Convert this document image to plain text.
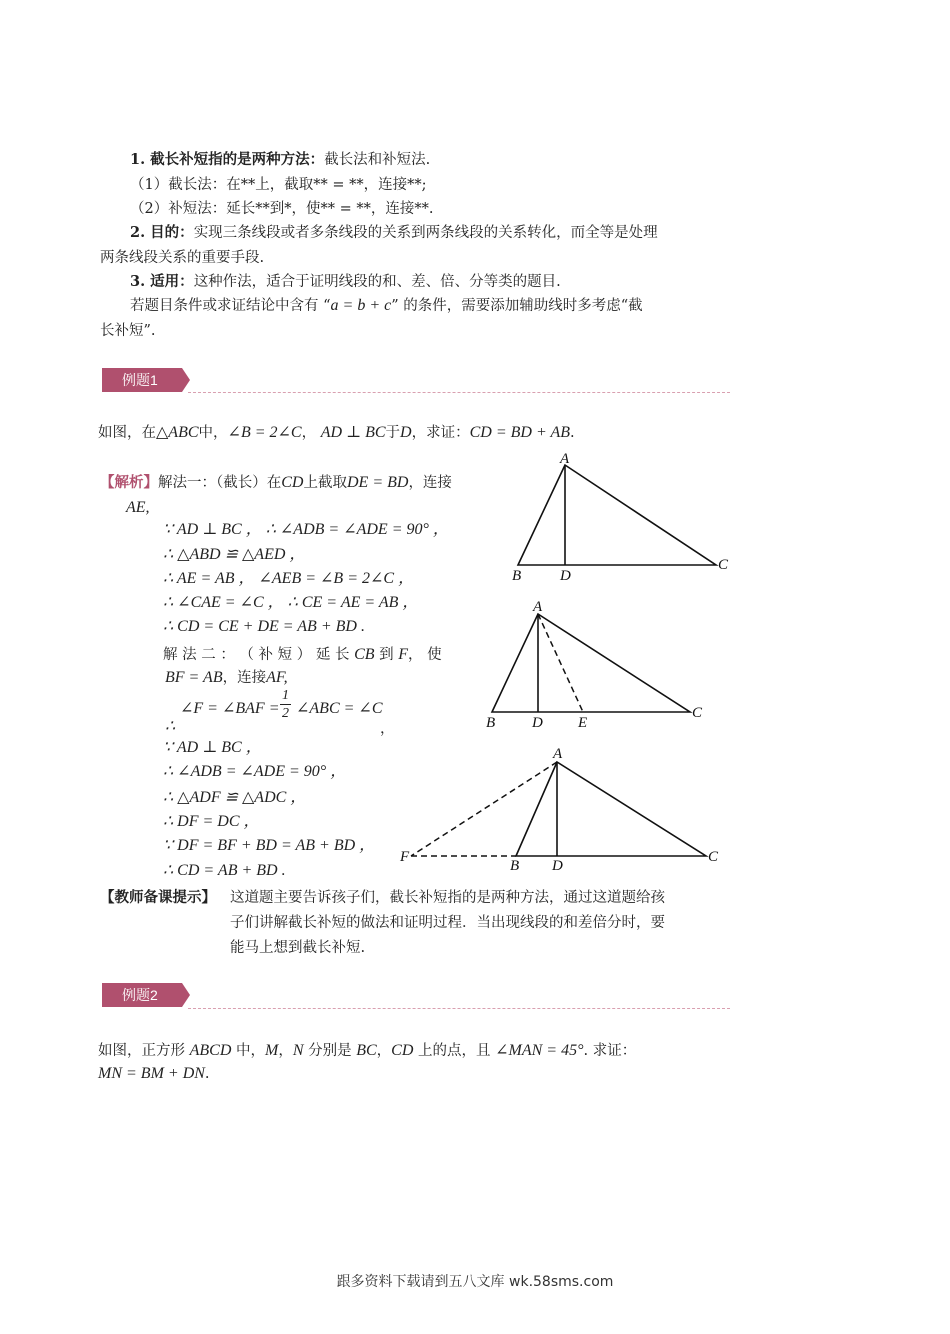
1. 截长补短指的是两种方法：截长法和补短法.
（1）截长法：在**上，截取** = **，连接**;
（2）补短法：延长**到*，使** = **，连接**.
2. 目的：实现三条线段或者多条线段的关系到两条线段的关系转化，而全等是处理
两条线段关系的重要手段.
3. 适用：这种作法，适合于证明线段的和、差、倍、分等类的题目.
若题目条件或求证结论中含有 “a = b + c” 的条件，需要添加辅助线时多考虑“截
长补短”.
例题1
如图，在△ABC中，∠B = 2∠C， AD ⊥ BC于D，求证：CD = BD + AB.
【解析】解法一：（截长）在CD上截取DE = BD，连接
AE,
∵ AD ⊥ BC ， ∴ ∠ADB = ∠ADE = 90° ，
∴ △ABD ≌ △AED ，
∴ AE = AB ， ∠AEB = ∠B = 2∠C ，
∴ ∠CAE = ∠C ， ∴ CE = AE = AB ，
∴ CD = CE + DE = AB + BD .
解 法 二 ： （ 补 短 ） 延 长 CB 到 F， 使
BF = AB，连接AF,
∠F = ∠BAF =
1
2 ∠ABC = ∠C
∴	，
∵ AD ⊥ BC ，
∴ ∠ADB = ∠ADE = 90° ，
∴ △ADF ≌ △ADC ，
∴ DF = DC ，
∵ DF = BF + BD = AB + BD ，
∴ CD = AB + BD .
A
B	D
C
A
B D E
C
A
B D
C
F
【教师备课提示】 这道题主要告诉孩子们，截长补短指的是两种方法，通过这道题给孩
子们讲解截长补短的做法和证明过程．当出现线段的和差倍分时，要
能马上想到截长补短.
例题2
如图，正方形 ABCD 中，M，N 分别是 BC，CD 上的点，且 ∠MAN = 45°. 求证：
MN = BM + DN.
跟多资料下载请到五八文库 wk.58sms.com
